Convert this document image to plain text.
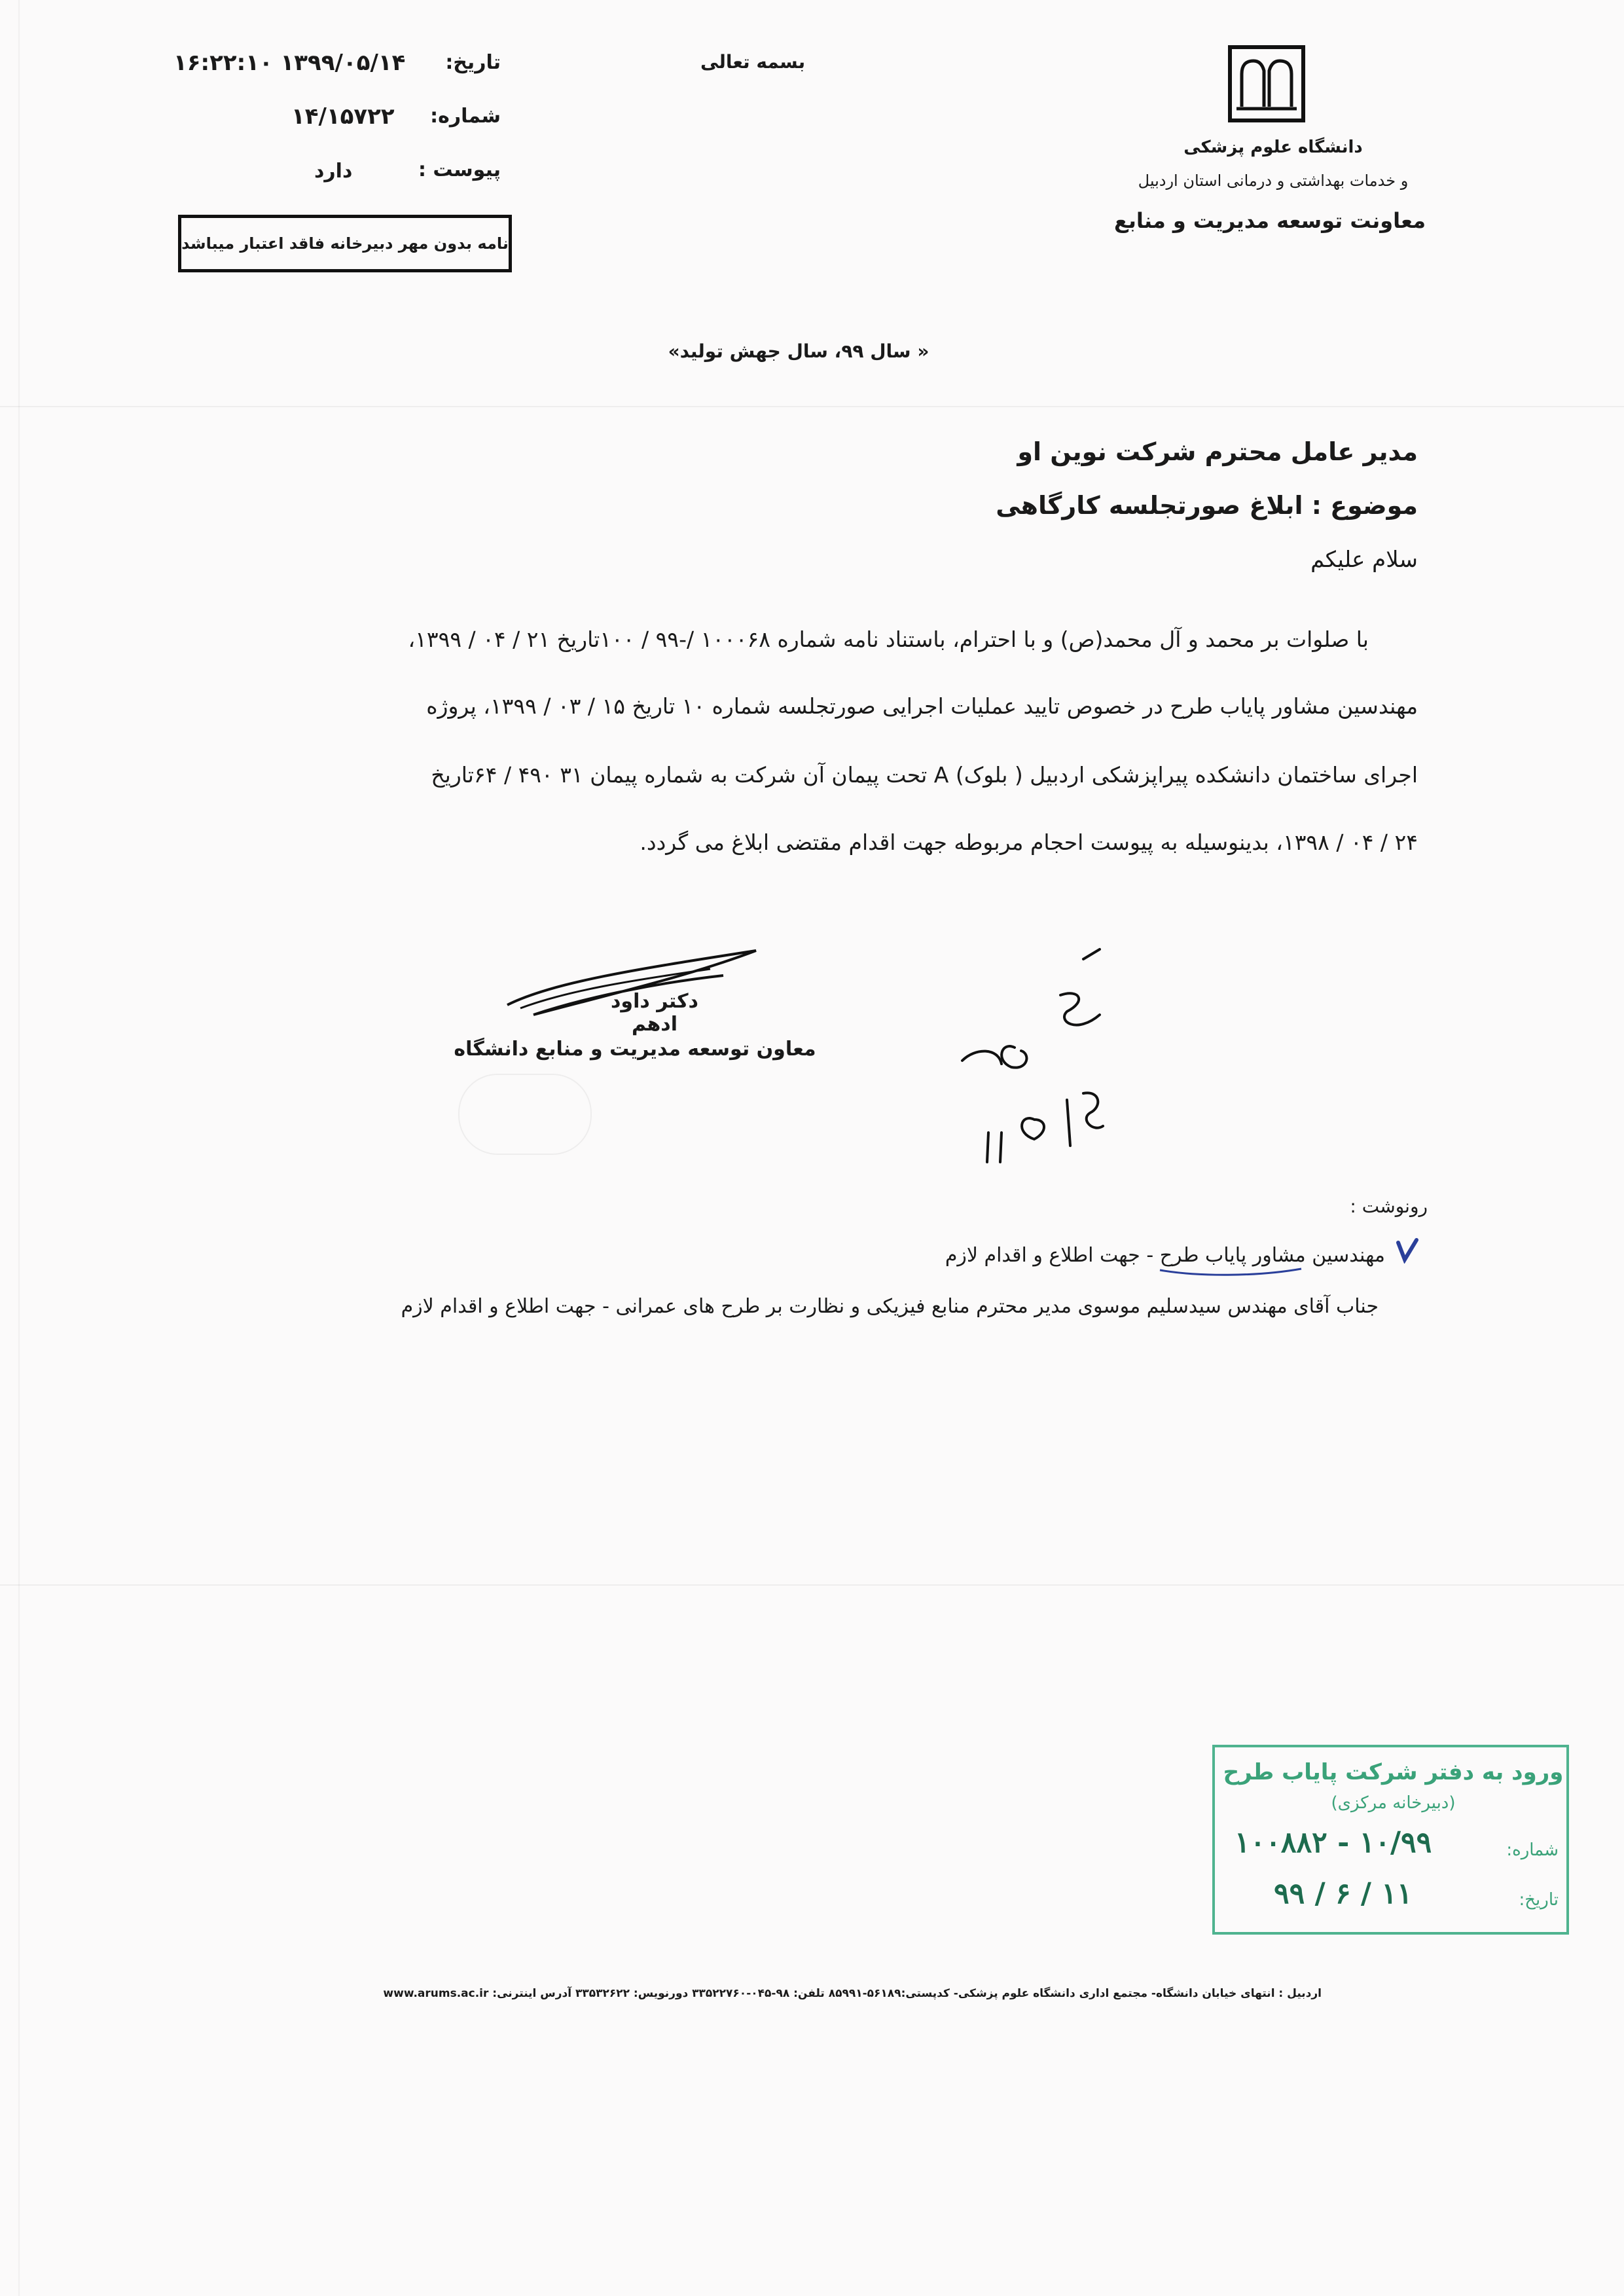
تاریخ:
۱۶:۲۲:۱۰ ۱۳۹۹/۰۵/۱۴
شماره:
۱۴/۱۵۷۲۲
پیوست :
دارد
نامه بدون مهر دبیرخانه فاقد اعتبار میباشد
بسمه تعالی
دانشگاه علوم پزشکی
و خدمات بهداشتی و درمانی استان اردبیل
معاونت توسعه مدیریت و منابع
« سال ۹۹، سال جهش تولید»
مدیر عامل محترم شرکت نوین او
موضوع : ابلاغ صورتجلسه کارگاهی
سلام علیکم
با صلوات بر محمد و آل محمد(ص) و با احترام، باستناد نامه شماره ۱۰۰۰۶۸ /-۹۹ / ۱۰۰تاریخ ۲۱ / ۰۴ / ۱۳۹۹،
مهندسین مشاور پایاب طرح در خصوص تایید عملیات اجرایی صورتجلسه شماره ۱۰ تاریخ ۱۵ / ۰۳ / ۱۳۹۹، پروژه
اجرای ساختمان دانشکده پیراپزشکی اردبیل ( بلوک) A تحت پیمان آن شرکت به شماره پیمان ۳۱ ۴۹۰ / ۶۴تاریخ
۲۴ / ۰۴ / ۱۳۹۸، بدینوسیله به پیوست احجام مربوطه جهت اقدام مقتضی ابلاغ می گردد.
دکتر داود ادهم
معاون توسعه مدیریت و منابع دانشگاه
رونوشت :
مهندسین مشاور پایاب طرح - جهت اطلاع و اقدام لازم
جناب آقای مهندس سیدسلیم موسوی مدیر محترم منابع فیزیکی و نظارت بر طرح های عمرانی - جهت اطلاع و اقدام لازم
ورود به دفتر شرکت پایاب طرح
(دبیرخانه مرکزی)
شماره:
۱۰۰۸۸۲ - ۱۰/۹۹
تاریخ:
۹۹ / ۶ / ۱۱
اردبیل : انتهای خیابان دانشگاه- مجتمع اداری دانشگاه علوم پزشکی- کدپستی:۵۶۱۸۹-۸۵۹۹۱ تلفن: ۹۸-۰۴۵-۳۳۵۲۲۷۶۰ دورنویس: ۳۳۵۳۲۶۲۲ آدرس اینترنی: www.arums.ac.ir
